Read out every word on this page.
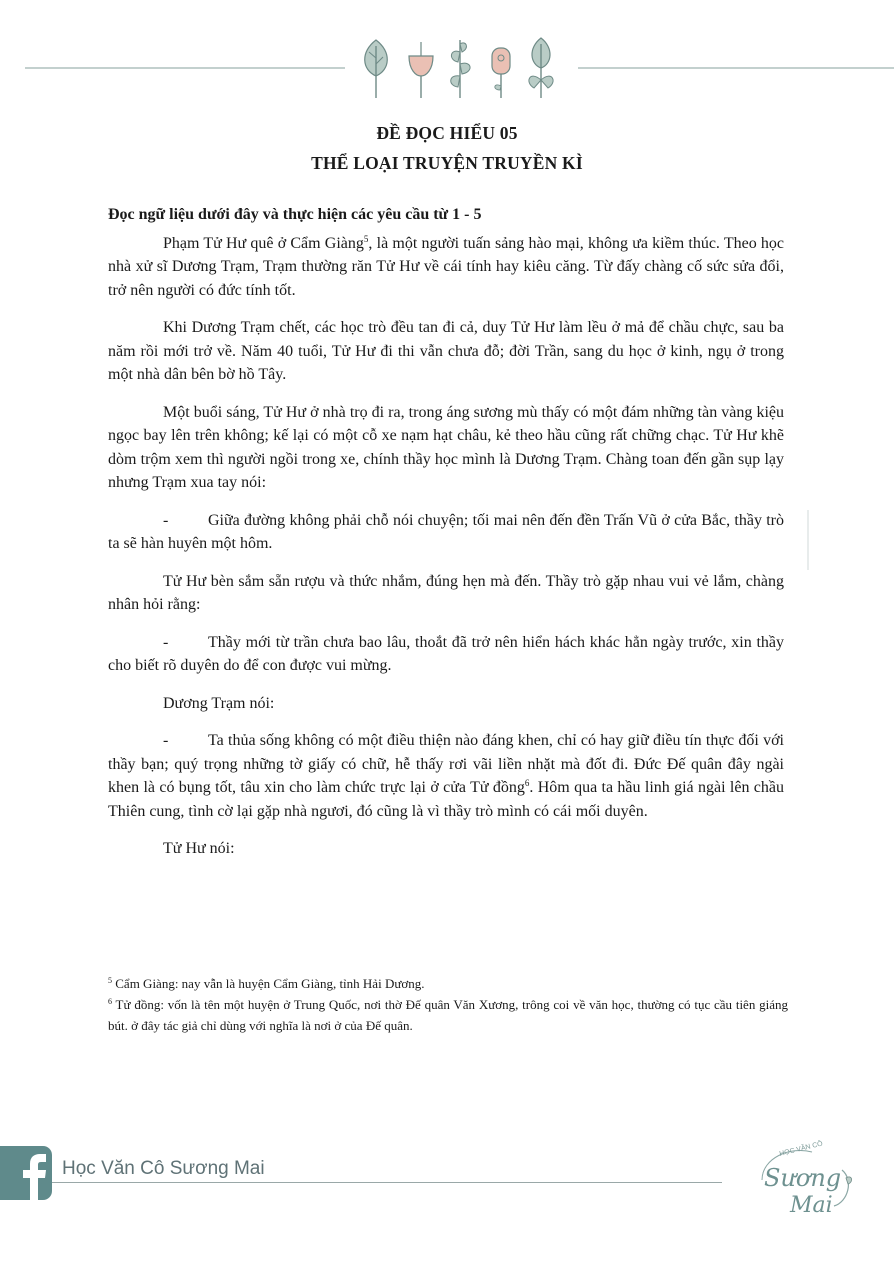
ĐỀ ĐỌC HIỂU 05
THỂ LOẠI TRUYỆN TRUYỀN KÌ

Đọc ngữ liệu dưới đây và thực hiện các yêu cầu từ 1 - 5

Phạm Tử Hư quê ở Cẩm Giàng$^5$, là một người tuấn sảng hào mại, không ưa kiềm thúc. Theo học nhà xử sĩ Dương Trạm, Trạm thường răn Tử Hư về cái tính hay kiêu căng. Từ đấy chàng cố sức sửa đổi, trở nên người có đức tính tốt.

Khi Dương Trạm chết, các học trò đều tan đi cả, duy Tử Hư làm lều ở mả để chầu chực, sau ba năm rồi mới trở về. Năm 40 tuổi, Tử Hư đi thi vẫn chưa đỗ; đời Trần, sang du học ở kinh, ngụ ở trong một nhà dân bên bờ hồ Tây.

Một buổi sáng, Tử Hư ở nhà trọ đi ra, trong áng sương mù thấy có một đám những tàn vàng kiệu ngọc bay lên trên không; kế lại có một cỗ xe nạm hạt châu, kẻ theo hầu cũng rất chững chạc. Tử Hư khẽ dòm trộm xem thì người ngồi trong xe, chính thầy học mình là Dương Trạm. Chàng toan đến gần sụp lạy nhưng Trạm xua tay nói:

- Giữa đường không phải chỗ nói chuyện; tối mai nên đến đền Trấn Vũ ở cửa Bắc, thầy trò ta sẽ hàn huyên một hôm.

Tử Hư bèn sắm sẵn rượu và thức nhắm, đúng hẹn mà đến. Thầy trò gặp nhau vui vẻ lắm, chàng nhân hỏi rằng:

- Thầy mới từ trần chưa bao lâu, thoắt đã trở nên hiển hách khác hẳn ngày trước, xin thầy cho biết rõ duyên do để con được vui mừng.

Dương Trạm nói:

- Ta thủa sống không có một điều thiện nào đáng khen, chỉ có hay giữ điều tín thực đối với thầy bạn; quý trọng những tờ giấy có chữ, hễ thấy rơi vãi liền nhặt mà đốt đi. Đức Đế quân đây ngài khen là có bụng tốt, tâu xin cho làm chức trực lại ở cửa Tử đồng$^6$. Hôm qua ta hầu linh giá ngài lên chầu Thiên cung, tình cờ lại gặp nhà ngươi, đó cũng là vì thầy trò mình có cái mối duyên.

Tử Hư nói:

$^5$ Cẩm Giàng: nay vẫn là huyện Cẩm Giàng, tỉnh Hải Dương.

$^6$ Tử đồng: vốn là tên một huyện ở Trung Quốc, nơi thờ Đế quân Văn Xương, trông coi về văn học, thường có tục cầu tiên giáng bút. ở đây tác giả chỉ dùng với nghĩa là nơi ở của Đế quân.

Học Văn Cô Sương Mai
HỌC VĂN CÔ
Sương
Mai
